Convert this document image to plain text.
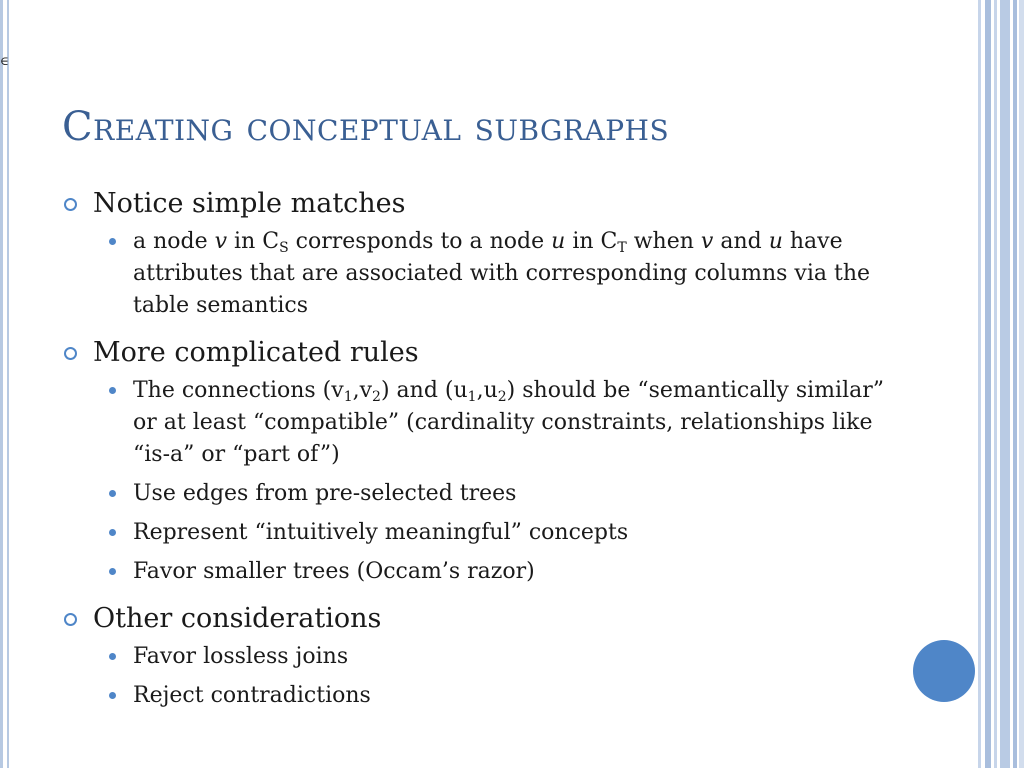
∈
Creating conceptual subgraphs
Notice simple matches
a node v in $C_S$ corresponds to a node u in $C_T$ when v and u have attributes that are associated with corresponding columns via the table semantics
More complicated rules
The connections $(v_1,v_2)$ and $(u_1,u_2)$ should be “semantically similar” or at least “compatible” (cardinality constraints, relationships like “is-a” or “part of”)
Use edges from pre-selected trees
Represent “intuitively meaningful” concepts
Favor smaller trees (Occam’s razor)
Other considerations
Favor lossless joins
Reject contradictions
